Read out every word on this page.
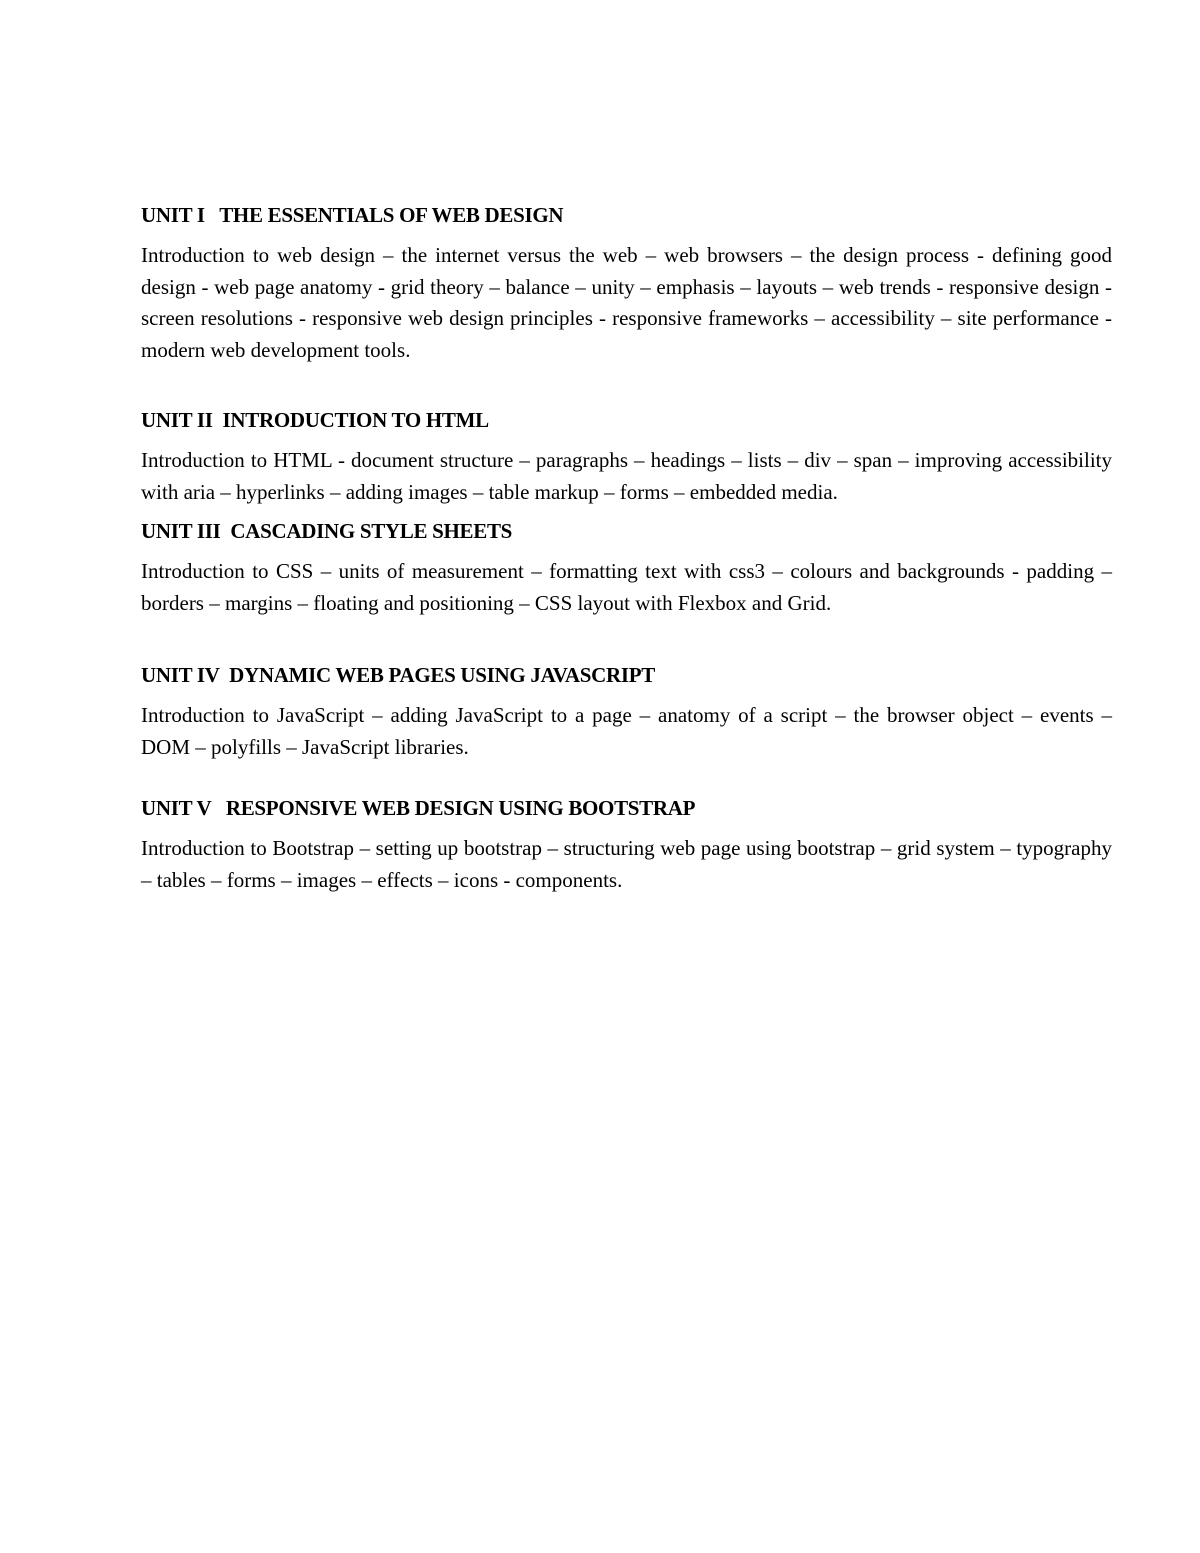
UNIT I   THE ESSENTIALS OF WEB DESIGN

Introduction to web design – the internet versus the web – web browsers – the design process - defining good design - web page anatomy - grid theory – balance – unity – emphasis – layouts – web trends - responsive design - screen resolutions - responsive web design principles - responsive frameworks – accessibility – site performance - modern web development tools.

UNIT II  INTRODUCTION TO HTML

Introduction to HTML - document structure – paragraphs – headings – lists – div – span – improving accessibility with aria – hyperlinks – adding images – table markup – forms – embedded media.

UNIT III  CASCADING STYLE SHEETS

Introduction to CSS – units of measurement – formatting text with css3 – colours and backgrounds - padding – borders – margins – floating and positioning – CSS layout with Flexbox and Grid.

UNIT IV  DYNAMIC WEB PAGES USING JAVASCRIPT

Introduction to JavaScript – adding JavaScript to a page – anatomy of a script – the browser object – events – DOM – polyfills – JavaScript libraries.

UNIT V   RESPONSIVE WEB DESIGN USING BOOTSTRAP

Introduction to Bootstrap – setting up bootstrap – structuring web page using bootstrap – grid system – typography – tables – forms – images – effects – icons - components.
